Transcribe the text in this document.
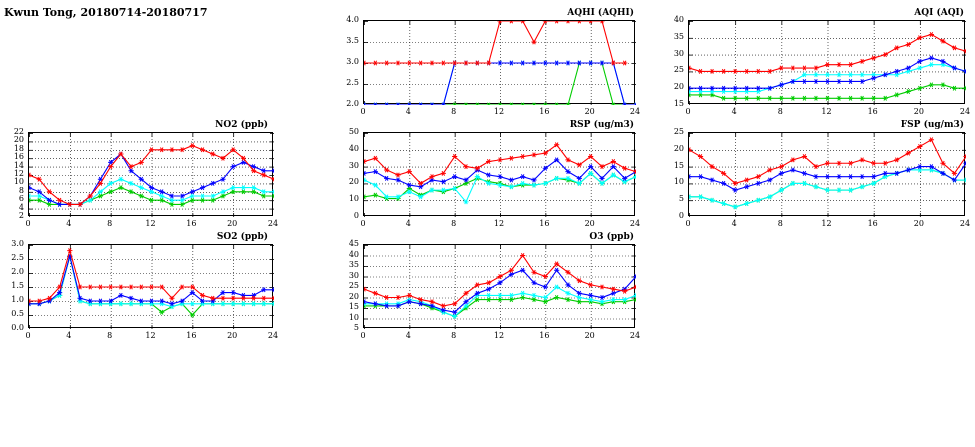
Kwun Tong, 20180714-20180717
NO2 (ppb)
2
4
6
8
10
12
14
16
18
20
22
0	4	8	12	16	20	24
AQHI (AQHI)
2.0
2.5
3.0
3.5
4.0
0	4	8	12	16	20	24
AQI (AQI)
15
20
25
30
35
40
0	4	8	12	16	20	24
RSP (ug/m3)
0
10
20
30
40
50
0	4	8	12	16	20	24
FSP (ug/m3)
0
5
10
15
20
25
0	4	8	12	16	20	24
SO2 (ppb)
0.0
0.5
1.0
1.5
2.0
2.5
3.0
0	4	8	12	16	20	24
O3 (ppb)
5
10
15
20
25
30
35
40
45
0	4	8	12	16	20	24
